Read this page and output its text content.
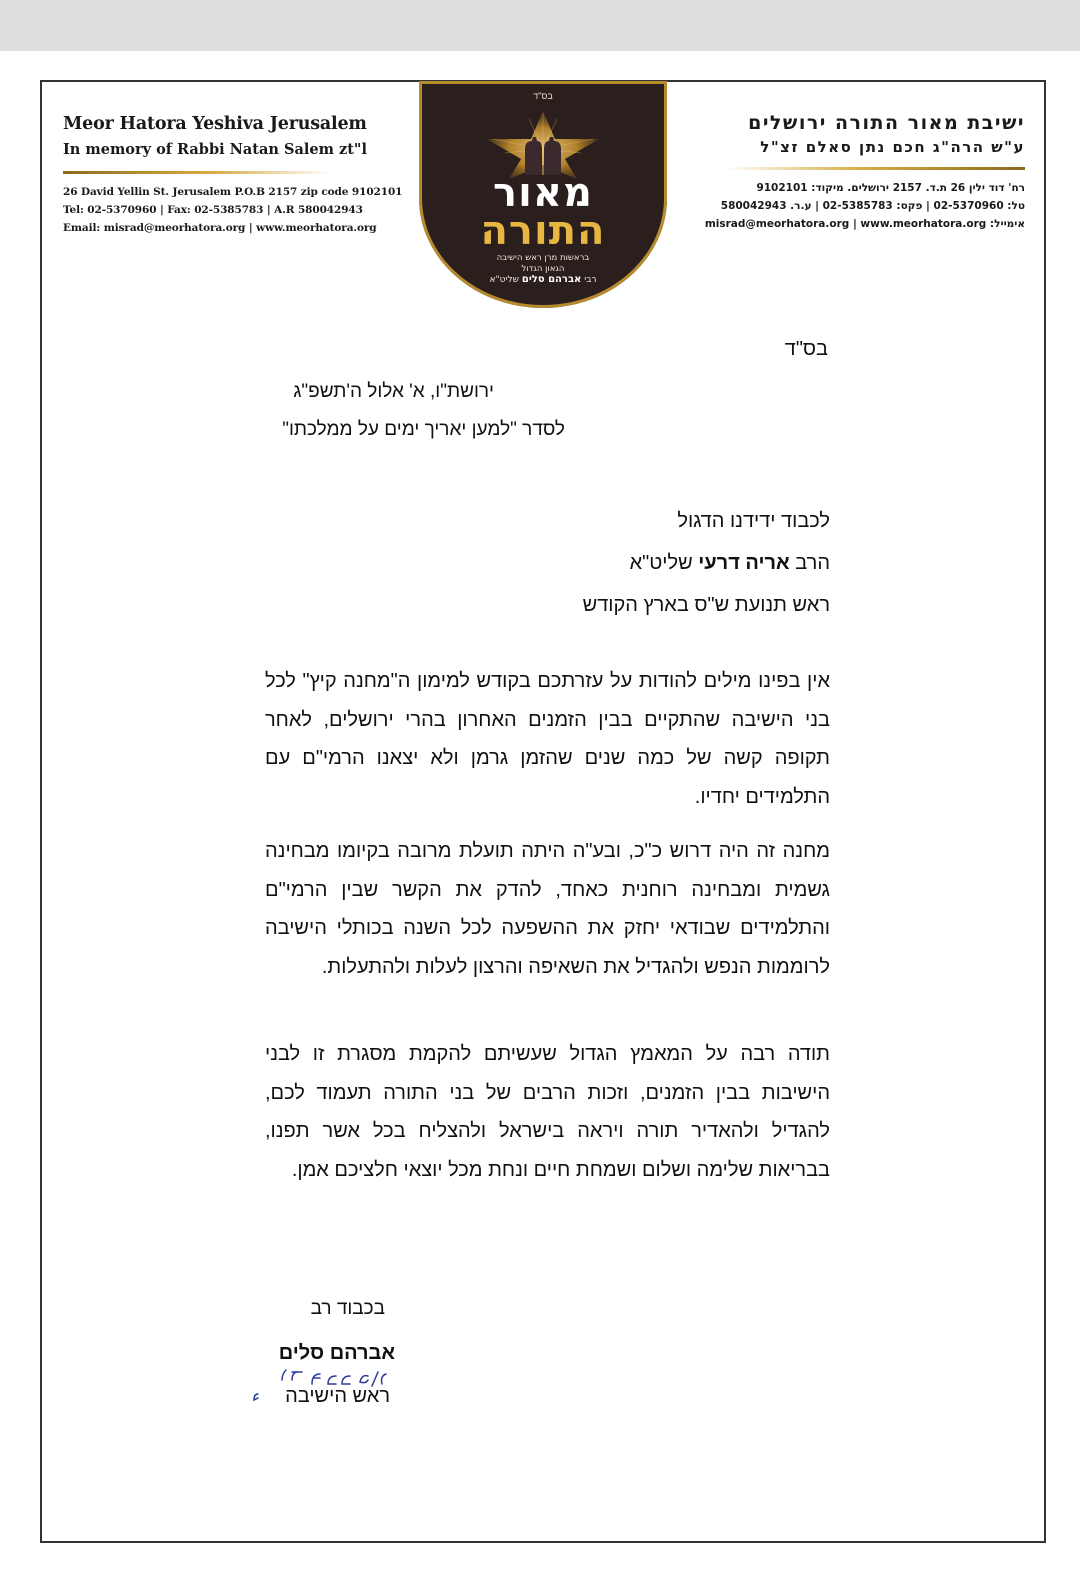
Meor Hatora Yeshiva Jerusalem
In memory of Rabbi Natan Salem zt"l
26 David Yellin St. Jerusalem P.O.B 2157 zip code 9102101
Tel: 02-5370960 | Fax: 02-5385783 | A.R 580042943
Email: misrad@meorhatora.org | www.meorhatora.org
ישיבת מאור התורה ירושלים
ע"ש הרה"ג חכם נתן סאלם זצ"ל
רח' דוד ילין 26 ת.ד. 2157 ירושלים. מיקוד: 9102101
טל: 02-5370960 | פקס: 02-5385783 | ע.ר. 580042943
אימייל: misrad@meorhatora.org | www.meorhatora.org
בס"ד
מאור
התורה
בראשות מרן ראש הישיבה
הגאון הגדול
רבי אברהם סלים שליט"א
בס"ד
ירושת"ו, א' אלול ה'תשפ"ג
לסדר "למען יאריך ימים על ממלכתו"
לכבוד ידידנו הדגול
הרב אריה דרעי שליט"א
ראש תנועת ש"ס בארץ הקודש
אין בפינו מילים להודות על עזרתכם בקודש למימון ה"מחנה קיץ" לכל בני הישיבה שהתקיים בבין הזמנים האחרון בהרי ירושלים, לאחר תקופה קשה של כמה שנים שהזמן גרמן ולא יצאנו הרמי"ם עם התלמידים יחדיו.
מחנה זה היה דרוש כ"כ, ובע"ה היתה תועלת מרובה בקיומו מבחינה גשמית ומבחינה רוחנית כאחד, להדק את הקשר שבין הרמי"ם והתלמידים שבודאי יחזק את ההשפעה לכל השנה בכותלי הישיבה לרוממות הנפש ולהגדיל את השאיפה והרצון לעלות ולהתעלות.
תודה רבה על המאמץ הגדול שעשיתם להקמת מסגרת זו לבני הישיבות בבין הזמנים, וזכות הרבים של בני התורה תעמוד לכם, להגדיל ולהאדיר תורה ויראה בישראל ולהצליח בכל אשר תפנו, בבריאות שלימה ושלום ושמחת חיים ונחת מכל יוצאי חלציכם אמן.
בכבוד רב
אברהם סלים
ראש הישיבה
